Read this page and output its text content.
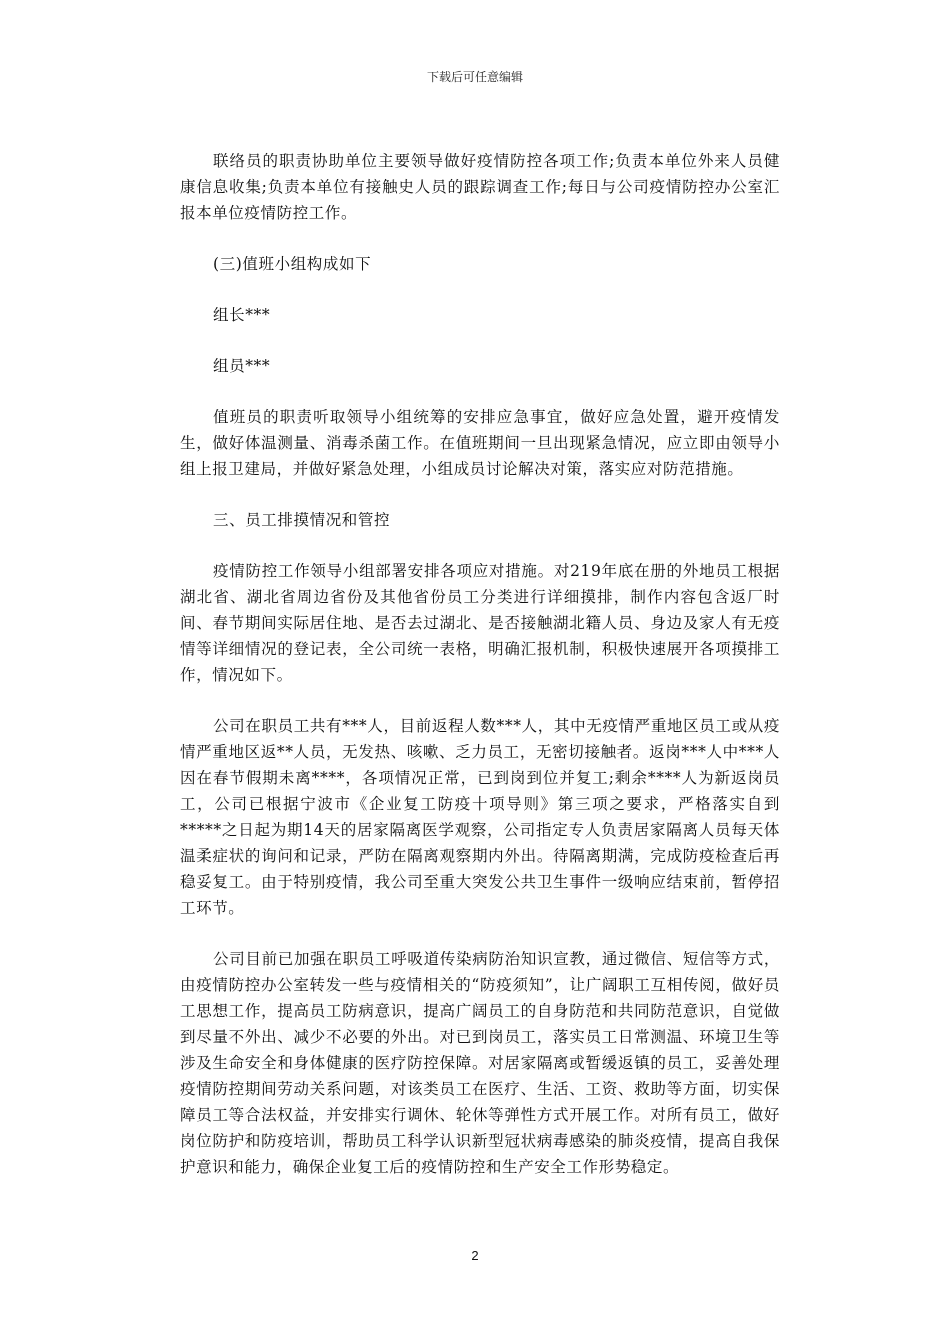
下载后可任意编辑

联络员的职责协助单位主要领导做好疫情防控各项工作;负责本单位外来人员健康信息收集;负责本单位有接触史人员的跟踪调查工作;每日与公司疫情防控办公室汇报本单位疫情防控工作。

(三)值班小组构成如下

组长***

组员***

值班员的职责听取领导小组统筹的安排应急事宜，做好应急处置，避开疫情发生，做好体温测量、消毒杀菌工作。在值班期间一旦出现紧急情况，应立即由领导小组上报卫建局，并做好紧急处理，小组成员讨论解决对策，落实应对防范措施。

三、员工排摸情况和管控

疫情防控工作领导小组部署安排各项应对措施。对219年底在册的外地员工根据湖北省、湖北省周边省份及其他省份员工分类进行详细摸排，制作内容包含返厂时间、春节期间实际居住地、是否去过湖北、是否接触湖北籍人员、身边及家人有无疫情等详细情况的登记表，全公司统一表格，明确汇报机制，积极快速展开各项摸排工作，情况如下。

公司在职员工共有***人，目前返程人数***人，其中无疫情严重地区员工或从疫情严重地区返**人员，无发热、咳嗽、乏力员工，无密切接触者。返岗***人中***人因在春节假期未离****，各项情况正常，已到岗到位并复工;剩余****人为新返岗员工，公司已根据宁波市《企业复工防疫十项导则》第三项之要求，严格落实自到*****之日起为期14天的居家隔离医学观察，公司指定专人负责居家隔离人员每天体温柔症状的询问和记录，严防在隔离观察期内外出。待隔离期满，完成防疫检查后再稳妥复工。由于特别疫情，我公司至重大突发公共卫生事件一级响应结束前，暂停招工环节。

公司目前已加强在职员工呼吸道传染病防治知识宣教，通过微信、短信等方式，由疫情防控办公室转发一些与疫情相关的“防疫须知”，让广阔职工互相传阅，做好员工思想工作，提高员工防病意识，提高广阔员工的自身防范和共同防范意识，自觉做到尽量不外出、减少不必要的外出。对已到岗员工，落实员工日常测温、环境卫生等涉及生命安全和身体健康的医疗防控保障。对居家隔离或暂缓返镇的员工，妥善处理疫情防控期间劳动关系问题，对该类员工在医疗、生活、工资、救助等方面，切实保障员工等合法权益，并安排实行调休、轮休等弹性方式开展工作。对所有员工，做好岗位防护和防疫培训，帮助员工科学认识新型冠状病毒感染的肺炎疫情，提高自我保护意识和能力，确保企业复工后的疫情防控和生产安全工作形势稳定。

2
